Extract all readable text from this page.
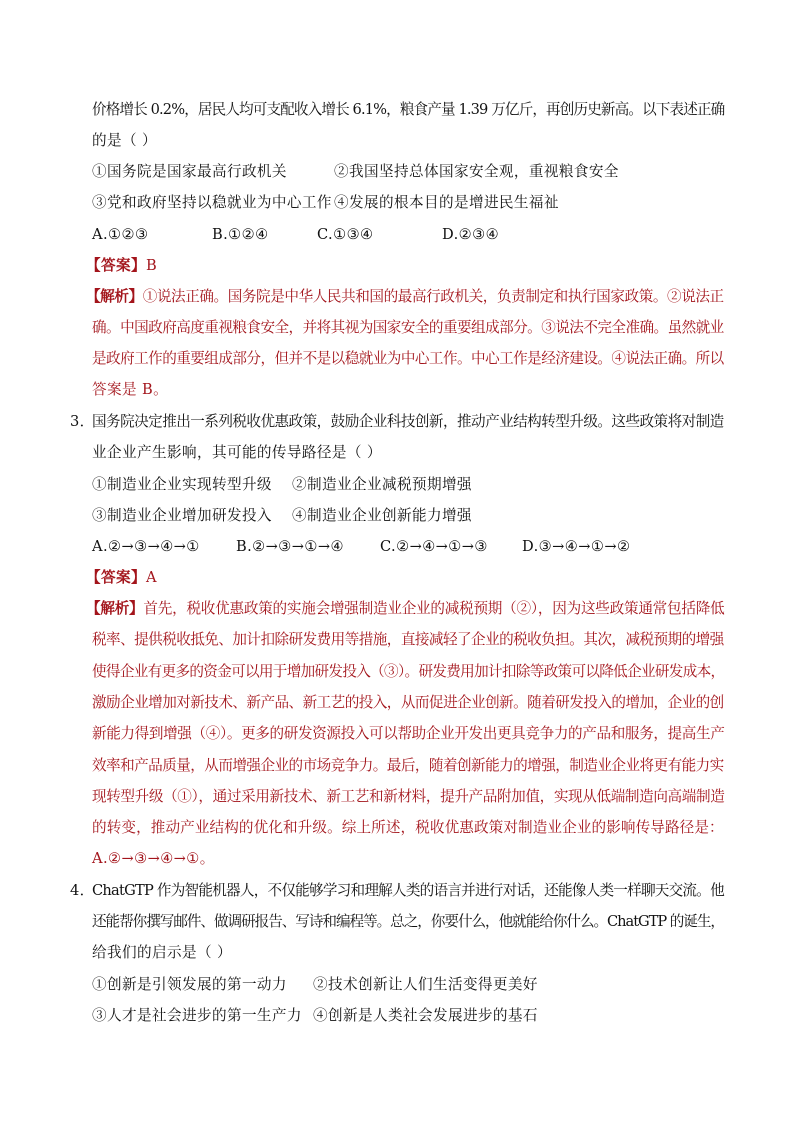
价格增长 0.2%，居民人均可支配收入增长 6.1%，粮食产量 1.39 万亿斤，再创历史新高。以下表述正确
的是（ ）
①国务院是国家最高行政机关	②我国坚持总体国家安全观，重视粮食安全
③党和政府坚持以稳就业为中心工作 ④发展的根本目的是增进民生福祉
A.①②③	B.①②④	C.①③④	D.②③④
【答案】B
【解析】①说法正确。国务院是中华人民共和国的最高行政机关，负责制定和执行国家政策。②说法正
确。中国政府高度重视粮食安全，并将其视为国家安全的重要组成部分。③说法不完全准确。虽然就业
是政府工作的重要组成部分，但并不是以稳就业为中心工作。中心工作是经济建设。④说法正确。所以
答案是 B。
3．
国务院决定推出一系列税收优惠政策，鼓励企业科技创新，推动产业结构转型升级。这些政策将对制造
业企业产生影响，其可能的传导路径是（ ）
①制造业企业实现转型升级 ②制造业企业减税预期增强
③制造业企业增加研发投入 ④制造业企业创新能力增强
A.②→③→④→① B.②→③→①→④ C.②→④→①→③ D.③→④→①→②
【答案】A
【解析】首先，税收优惠政策的实施会增强制造业企业的减税预期（②），因为这些政策通常包括降低
税率、提供税收抵免、加计扣除研发费用等措施，直接减轻了企业的税收负担。其次，减税预期的增强
使得企业有更多的资金可以用于增加研发投入（③）。研发费用加计扣除等政策可以降低企业研发成本，
激励企业增加对新技术、新产品、新工艺的投入，从而促进企业创新。随着研发投入的增加，企业的创
新能力得到增强（④）。更多的研发资源投入可以帮助企业开发出更具竞争力的产品和服务，提高生产
效率和产品质量，从而增强企业的市场竞争力。最后，随着创新能力的增强，制造业企业将更有能力实
现转型升级（①），通过采用新技术、新工艺和新材料，提升产品附加值，实现从低端制造向高端制造
的转变，推动产业结构的优化和升级。综上所述，税收优惠政策对制造业企业的影响传导路径是：
A.②→③→④→①。
4．
ChatGTP 作为智能机器人，不仅能够学习和理解人类的语言并进行对话，还能像人类一样聊天交流。他
还能帮你撰写邮件、做调研报告、写诗和编程等。总之，你要什么，他就能给你什么。ChatGTP 的诞生，
给我们的启示是（ ）
①创新是引领发展的第一动力 ②技术创新让人们生活变得更美好
③人才是社会进步的第一生产力 ④创新是人类社会发展进步的基石
